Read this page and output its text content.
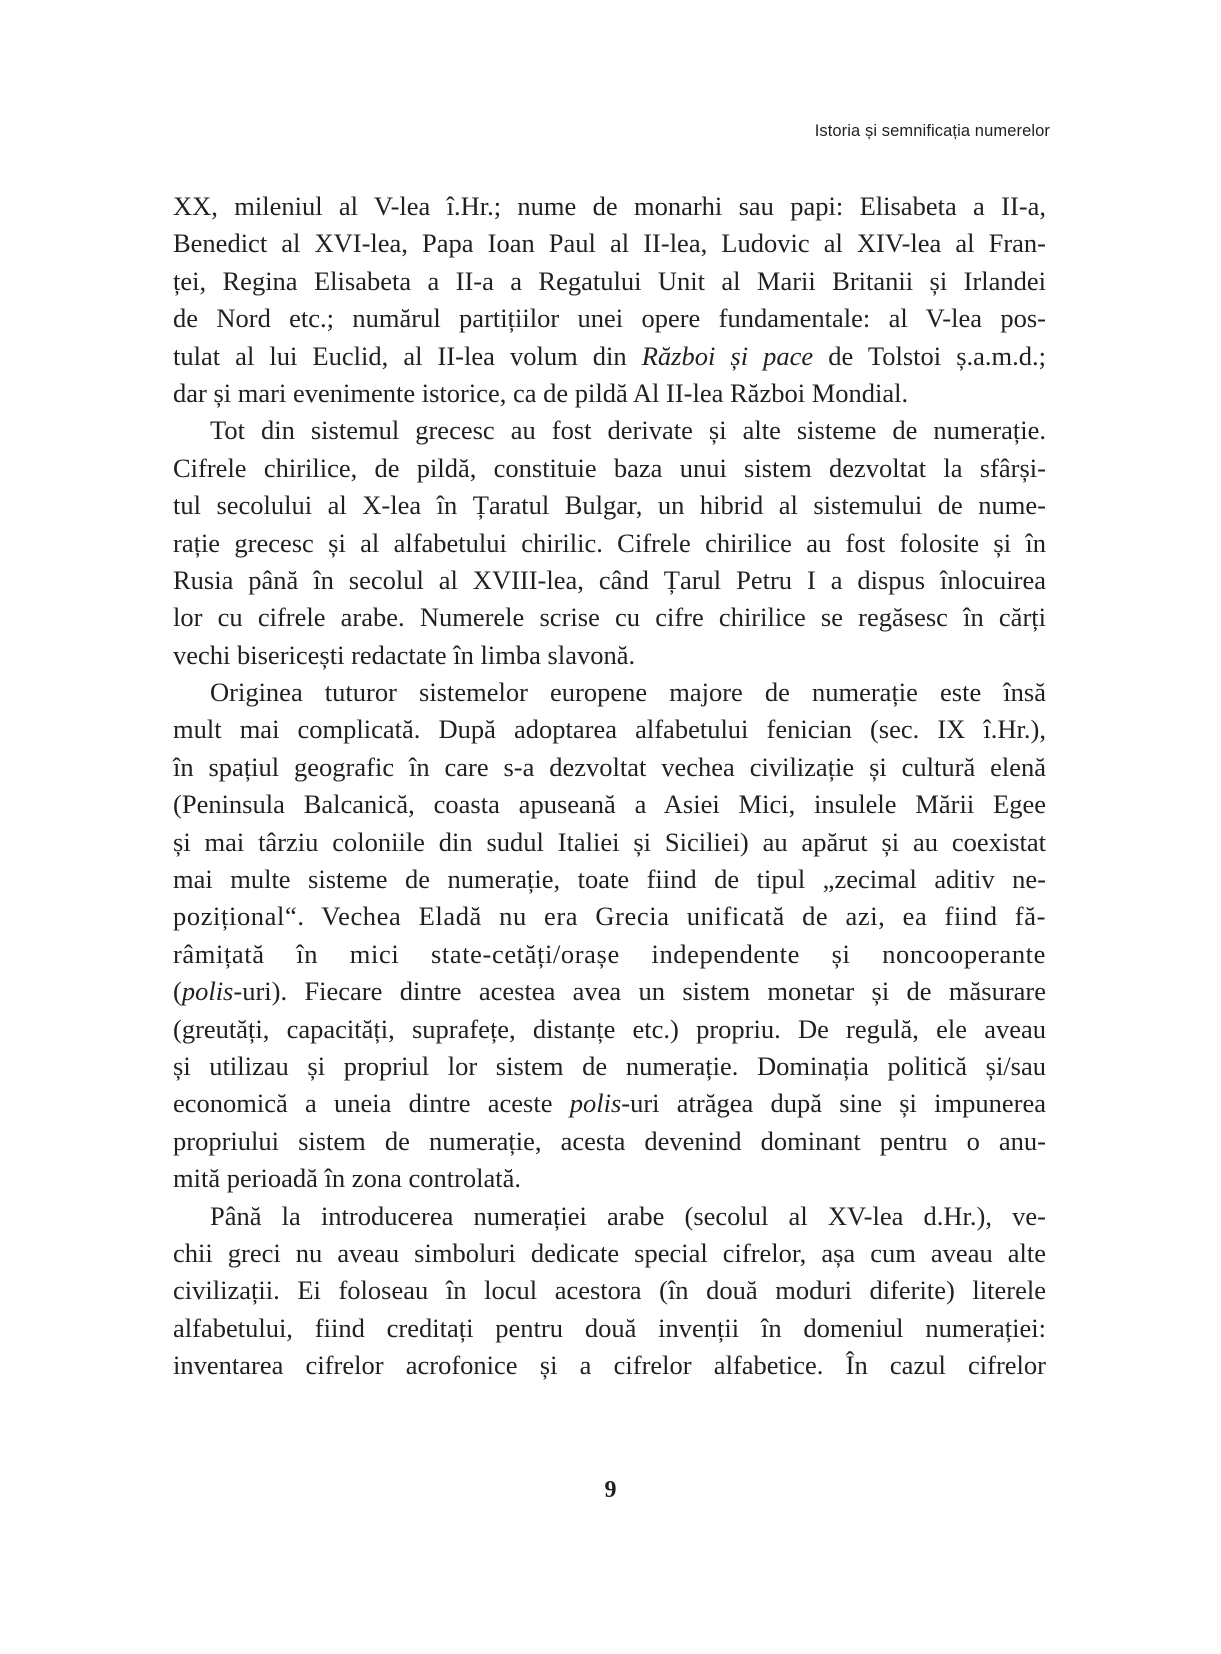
Istoria și semnificația numerelor
XX, mileniul al V-lea î.Hr.; nume de monarhi sau papi: Elisabeta a II-a,
Benedict al XVI-lea, Papa Ioan Paul al II-lea, Ludovic al XIV-lea al Fran-
ței, Regina Elisabeta a II-a a Regatului Unit al Marii Britanii și Irlandei
de Nord etc.; numărul partițiilor unei opere fundamentale: al V-lea pos-
tulat al lui Euclid, al II-lea volum din Război și pace de Tolstoi ș.a.m.d.;
dar și mari evenimente istorice, ca de pildă Al II-lea Război Mondial.
Tot din sistemul grecesc au fost derivate și alte sisteme de numerație.
Cifrele chirilice, de pildă, constituie baza unui sistem dezvoltat la sfârși-
tul secolului al X-lea în Țaratul Bulgar, un hibrid al sistemului de nume-
rație grecesc și al alfabetului chirilic. Cifrele chirilice au fost folosite și în
Rusia până în secolul al XVIII-lea, când Țarul Petru I a dispus înlocuirea
lor cu cifrele arabe. Numerele scrise cu cifre chirilice se regăsesc în cărți
vechi bisericești redactate în limba slavonă.
Originea tuturor sistemelor europene majore de numerație este însă
mult mai complicată. După adoptarea alfabetului fenician (sec. IX î.Hr.),
în spațiul geografic în care s-a dezvoltat vechea civilizație și cultură elenă
(Peninsula Balcanică, coasta apuseană a Asiei Mici, insulele Mării Egee
și mai târziu coloniile din sudul Italiei și Siciliei) au apărut și au coexistat
mai multe sisteme de numerație, toate fiind de tipul „zecimal aditiv ne-
pozițional“. Vechea Eladă nu era Grecia unificată de azi, ea fiind fă-
râmițată în mici state-cetăți/orașe independente și noncooperante
(polis-uri). Fiecare dintre acestea avea un sistem monetar și de măsurare
(greutăți, capacități, suprafețe, distanțe etc.) propriu. De regulă, ele aveau
și utilizau și propriul lor sistem de numerație. Dominația politică și/sau
economică a uneia dintre aceste polis-uri atrăgea după sine și impunerea
propriului sistem de numerație, acesta devenind dominant pentru o anu-
mită perioadă în zona controlată.
Până la introducerea numerației arabe (secolul al XV-lea d.Hr.), ve-
chii greci nu aveau simboluri dedicate special cifrelor, așa cum aveau alte
civilizații. Ei foloseau în locul acestora (în două moduri diferite) literele
alfabetului, fiind creditați pentru două invenții în domeniul numerației:
inventarea cifrelor acrofonice și a cifrelor alfabetice. În cazul cifrelor
9
